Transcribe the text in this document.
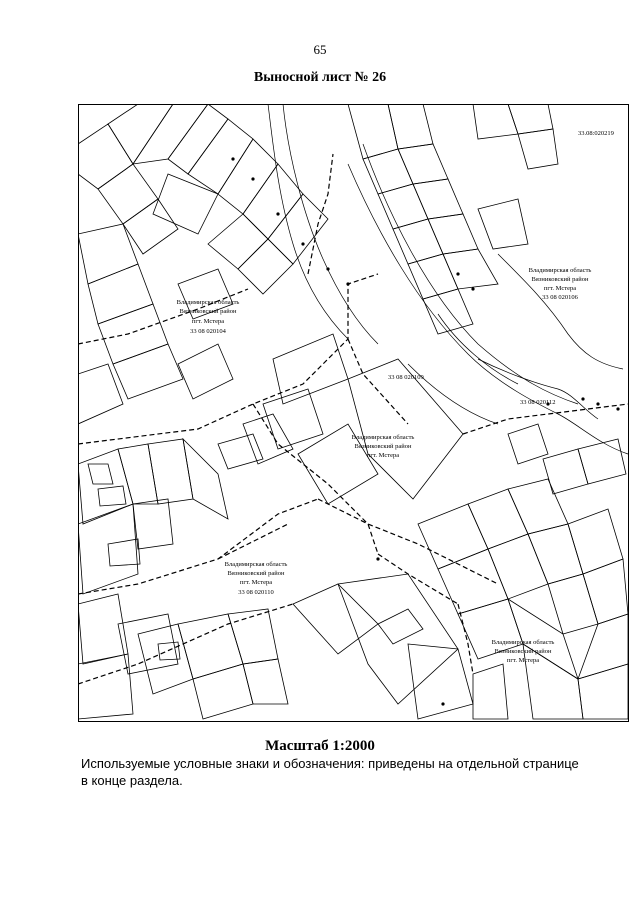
65
Выносной лист № 26
Владимирская область
Вязниковский район
пгт. Мстера
33 08 020104
Владимирская область
Вязниковский район
пгт. Мстера
33 08 020106
Владимирская область
Вязниковский район
пгт. Мстера
Владимирская область
Вязниковский район
33 08 020110
пгт. Мстера
Владимирская область
Вязниковский район
пгт. Мстера
33.08:020219
33 08 020109
33 08 020112
Масштаб 1:2000
Используемые условные знаки и обозначения: приведены на отдельной странице в конце раздела.
